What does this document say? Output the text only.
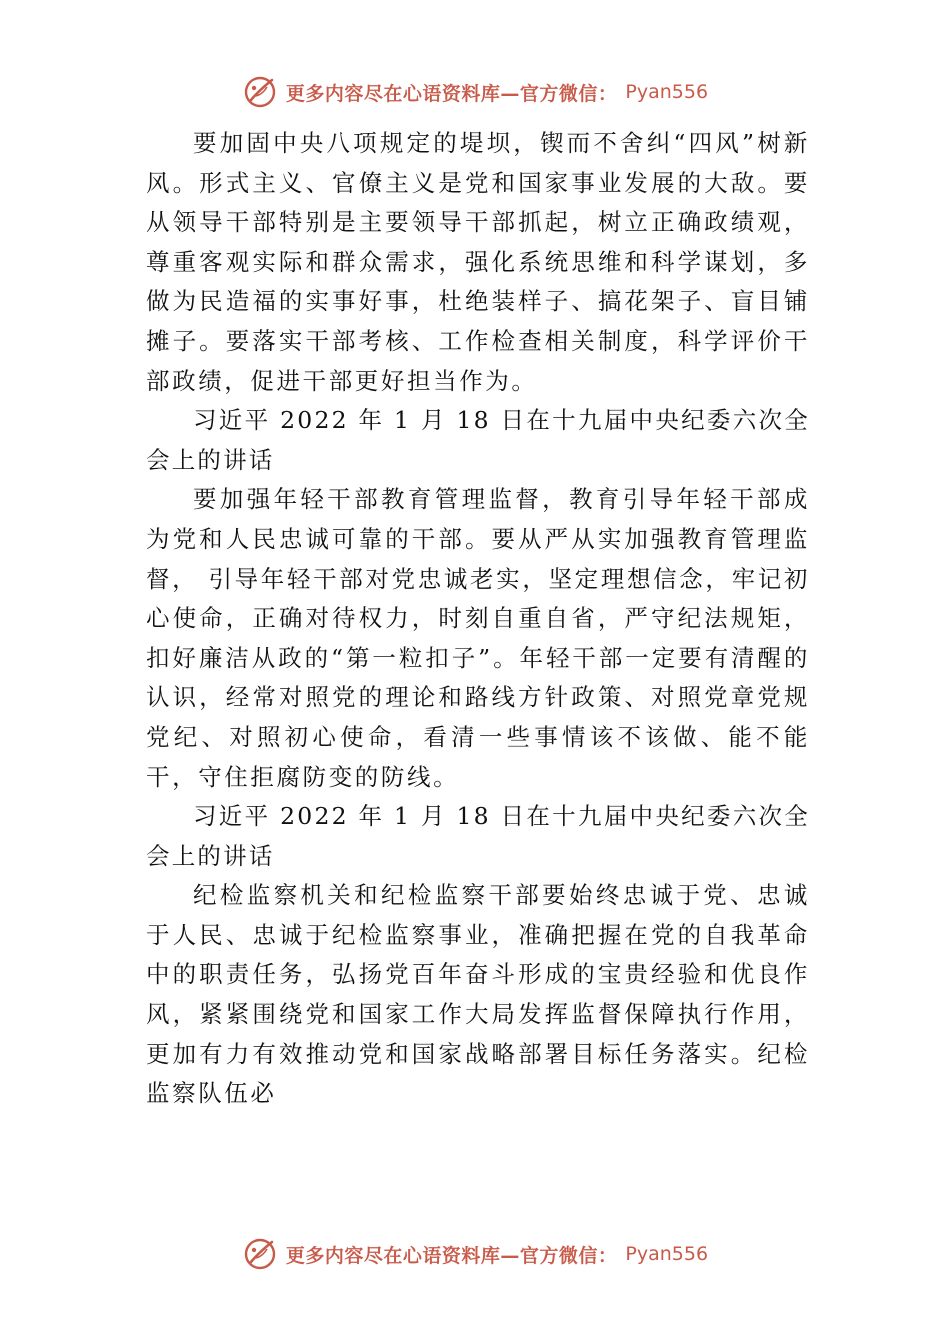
更多内容尽在心语资料库—官方微信： Pyan556

要加固中央八项规定的堤坝，锲而不舍纠“四风”树新风。形式主义、官僚主义是党和国家事业发展的大敌。要从领导干部特别是主要领导干部抓起，树立正确政绩观，尊重客观实际和群众需求，强化系统思维和科学谋划，多做为民造福的实事好事，杜绝装样子、搞花架子、盲目铺摊子。要落实干部考核、工作检查相关制度，科学评价干部政绩，促进干部更好担当作为。

习近平 2022 年 1 月 18 日在十九届中央纪委六次全会上的讲话

要加强年轻干部教育管理监督，教育引导年轻干部成为党和人民忠诚可靠的干部。要从严从实加强教育管理监督， 引导年轻干部对党忠诚老实，坚定理想信念，牢记初心使命，正确对待权力，时刻自重自省，严守纪法规矩，扣好廉洁从政的“第一粒扣子”。年轻干部一定要有清醒的认识，经常对照党的理论和路线方针政策、对照党章党规党纪、对照初心使命，看清一些事情该不该做、能不能干，守住拒腐防变的防线。

习近平 2022 年 1 月 18 日在十九届中央纪委六次全会上的讲话

纪检监察机关和纪检监察干部要始终忠诚于党、忠诚于人民、忠诚于纪检监察事业，准确把握在党的自我革命中的职责任务，弘扬党百年奋斗形成的宝贵经验和优良作风，紧紧围绕党和国家工作大局发挥监督保障执行作用，更加有力有效推动党和国家战略部署目标任务落实。纪检监察队伍必

更多内容尽在心语资料库—官方微信： Pyan556
